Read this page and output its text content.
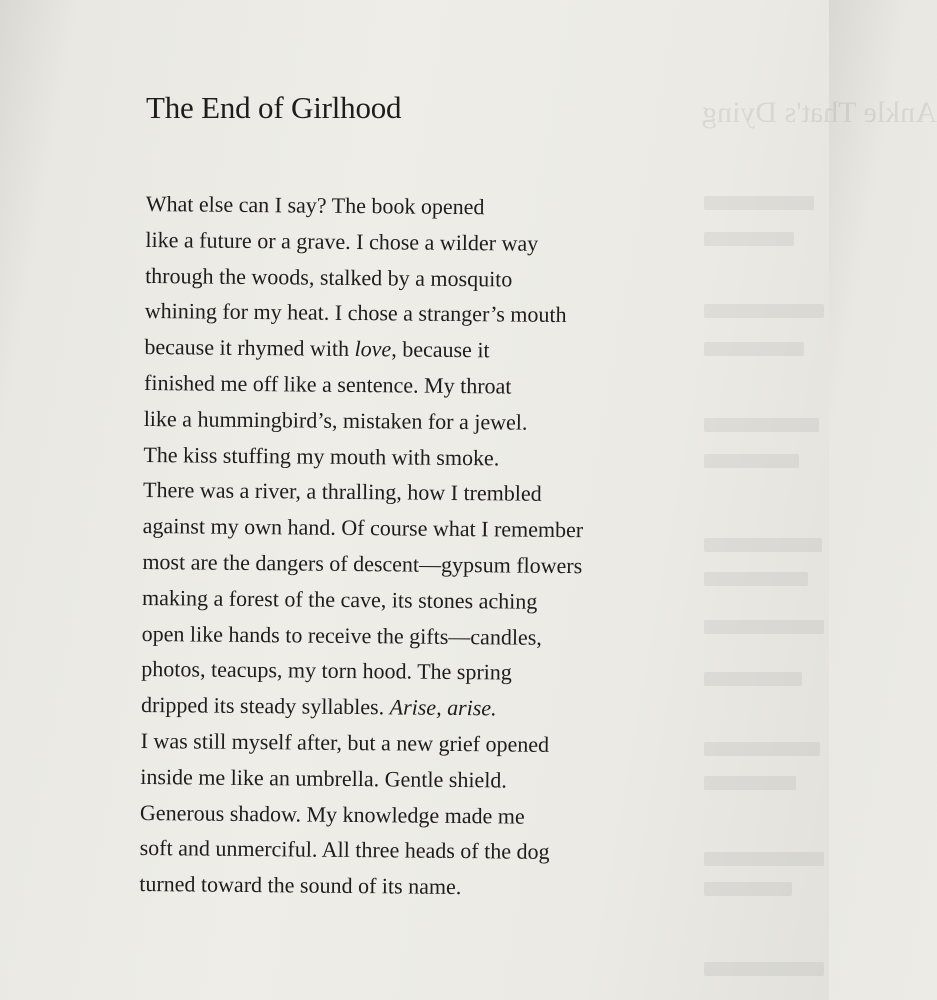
Ankle That's Dying
The End of Girlhood
What else can I say? The book opened
like a future or a grave. I chose a wilder way
through the woods, stalked by a mosquito
whining for my heat. I chose a stranger’s mouth
because it rhymed with love, because it
finished me off like a sentence. My throat
like a hummingbird’s, mistaken for a jewel.
The kiss stuffing my mouth with smoke.
There was a river, a thralling, how I trembled
against my own hand. Of course what I remember
most are the dangers of descent—gypsum flowers
making a forest of the cave, its stones aching
open like hands to receive the gifts—candles,
photos, teacups, my torn hood. The spring
dripped its steady syllables. Arise, arise.
I was still myself after, but a new grief opened
inside me like an umbrella. Gentle shield.
Generous shadow. My knowledge made me
soft and unmerciful. All three heads of the dog
turned toward the sound of its name.
